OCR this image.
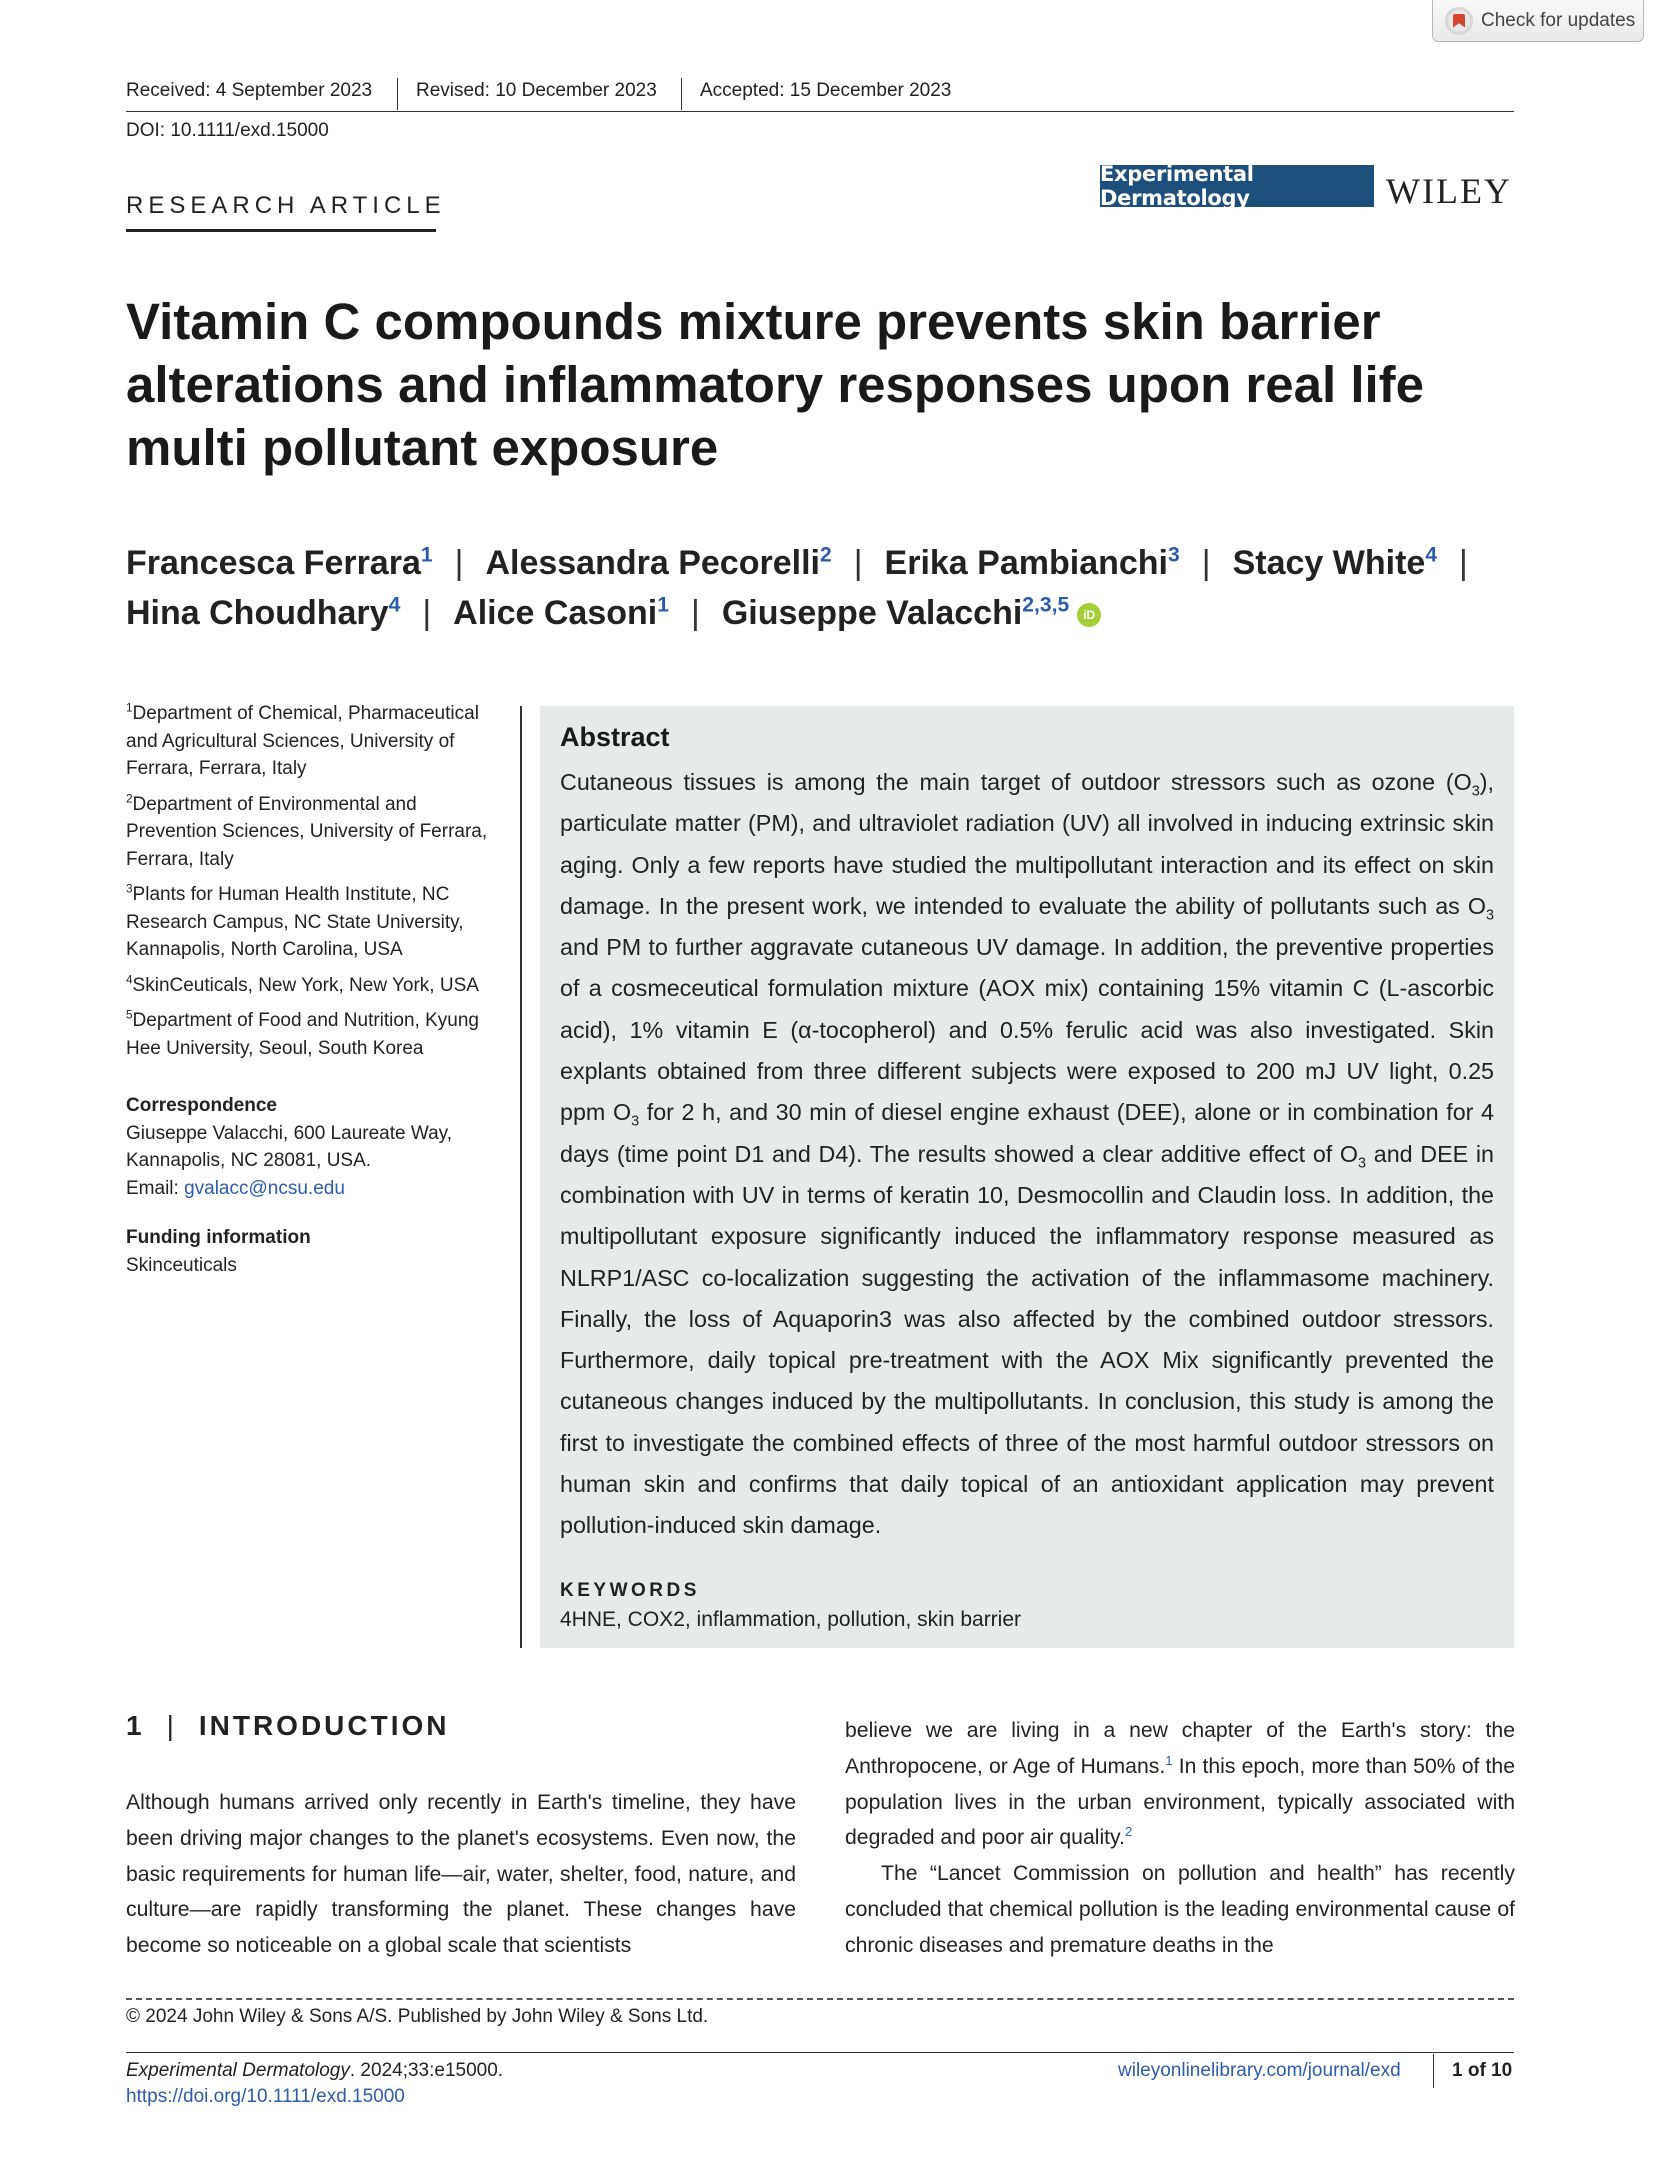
Check for updates
Received: 4 September 2023 Revised: 10 December 2023 Accepted: 15 December 2023
DOI: 10.1111/exd.15000
RESEARCH ARTICLE
Experimental Dermatology	WILEY
Vitamin C compounds mixture prevents skin barrier alterations and inflammatory responses upon real life multi pollutant exposure
Francesca Ferrara$^1$ | Alessandra Pecorelli$^2$ | Erika Pambianchi$^3$ | Stacy White$^4$ |
Hina Choudhary$^4$ | Alice Casoni$^1$ | Giuseppe Valacchi$^{2,3,5}$ iD

$^1$Department of Chemical, Pharmaceutical and Agricultural Sciences, University of Ferrara, Ferrara, Italy

$^2$Department of Environmental and Prevention Sciences, University of Ferrara, Ferrara, Italy

$^3$Plants for Human Health Institute, NC Research Campus, NC State University, Kannapolis, North Carolina, USA

$^4$SkinCeuticals, New York, New York, USA

$^5$Department of Food and Nutrition, Kyung Hee University, Seoul, South Korea

Correspondence

Giuseppe Valacchi, 600 Laureate Way,
Kannapolis, NC 28081, USA.
Email: gvalacc@ncsu.edu

Funding information

Skinceuticals

Abstract
Cutaneous tissues is among the main target of outdoor stressors such as ozone $(O_3)$, particulate matter (PM), and ultraviolet radiation (UV) all involved in inducing extrinsic skin aging. Only a few reports have studied the multipollutant interaction and its effect on skin damage. In the present work, we intended to evaluate the ability of pollutants such as $O_3$ and PM to further aggravate cutaneous UV damage. In addition, the preventive properties of a cosmeceutical formulation mixture (AOX mix) containing 15% vitamin C (L-ascorbic acid), 1% vitamin E (α-tocopherol) and 0.5% ferulic acid was also investigated. Skin explants obtained from three different subjects were exposed to 200 mJ UV light, 0.25 ppm $O_3$ for 2 h, and 30 min of diesel engine exhaust (DEE), alone or in combination for 4 days (time point D1 and D4). The results showed a clear additive effect of $O_3$ and DEE in combination with UV in terms of keratin 10, Desmocollin and Claudin loss. In addition, the multipollutant exposure significantly induced the inflammatory response measured as NLRP1/ASC co-localization suggesting the activation of the inflammasome machinery. Finally, the loss of Aquaporin3 was also affected by the combined outdoor stressors. Furthermore, daily topical pre-treatment with the AOX Mix significantly prevented the cutaneous changes induced by the multipollutants. In conclusion, this study is among the first to investigate the combined effects of three of the most harmful outdoor stressors on human skin and confirms that daily topical of an antioxidant application may prevent pollution-induced skin damage.
KEYWORDS
4HNE, COX2, inflammation, pollution, skin barrier
1 | INTRODUCTION
Although humans arrived only recently in Earth's timeline, they have been driving major changes to the planet's ecosystems. Even now, the basic requirements for human life—air, water, shelter, food, nature, and culture—are rapidly transforming the planet. These changes have become so noticeable on a global scale that scientists

believe we are living in a new chapter of the Earth's story: the Anthropocene, or Age of Humans.$^1$ In this epoch, more than 50% of the population lives in the urban environment, typically associated with degraded and poor air quality.$^2$

The “Lancet Commission on pollution and health” has recently concluded that chemical pollution is the leading environmental cause of chronic diseases and premature deaths in the

© 2024 John Wiley & Sons A/S. Published by John Wiley & Sons Ltd.
Experimental Dermatology. 2024;33:e15000.
https://doi.org/10.1111/exd.15000
wileyonlinelibrary.com/journal/exd	1 of 10
